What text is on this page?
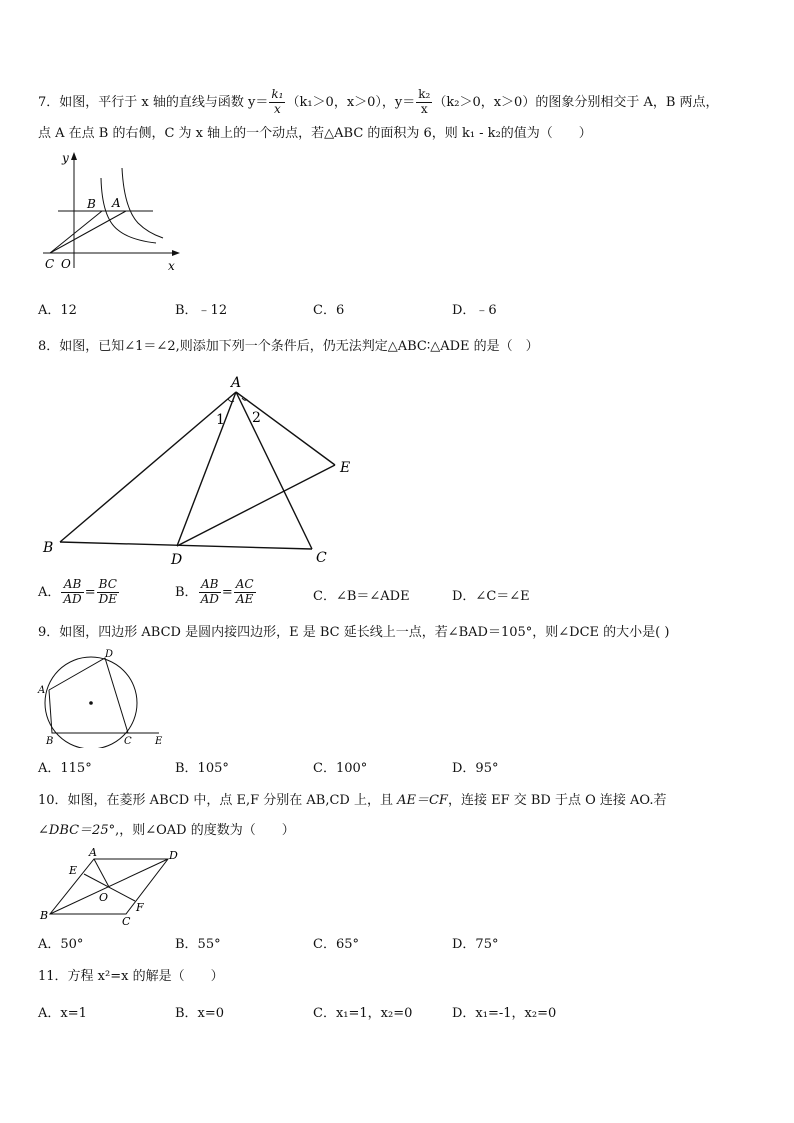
7．如图，平行于 x 轴的直线与函数 $y= \frac{\text{k₁}}{x} (k_1>0$，x＞0），$y= \frac{\text{k₂}}{x} (k_2>0$，x＞0）的图象分别相交于 A，B 两点，
点 A 在点 B 的右侧，C 为 x 轴上的一个动点，若△ABC 的面积为 6，则 k₁ - k₂的值为（　　）
y
x
B A
C O
A．12	B．﹣12	C．6	D．﹣6
8．如图，已知∠1＝∠2,则添加下列一个条件后，仍无法判定△ABC∶△ADE 的是（　）
A
B
C
D
E
1 2
A． $\frac{AB}{AD} = \frac{BC}{DE}$	B． $\frac{AB}{AD} = \frac{AC}{AE}$	C．∠B＝∠ADE	D．∠C＝∠E
9．如图，四边形 ABCD 是圆内接四边形，E 是 BC 延长线上一点，若∠BAD＝105°，则∠DCE 的大小是( )
A
B	C
D
E
A．115°	B．105°	C．100°	D．95°
10．如图，在菱形 ABCD 中，点 E,F 分别在 AB,CD 上，且 AE＝CF，连接 EF 交 BD 于点 O 连接 AO.若
∠DBC＝25°,，则∠OAD 的度数为（　　）
A
B	C
D
E
F
O
A．50°	B．55°	C．65°	D．75°
11．方程 x²=x 的解是（　　）
A．x=1	B．x=0	C．x₁=1，x₂=0	D．x₁=-1，x₂=0
